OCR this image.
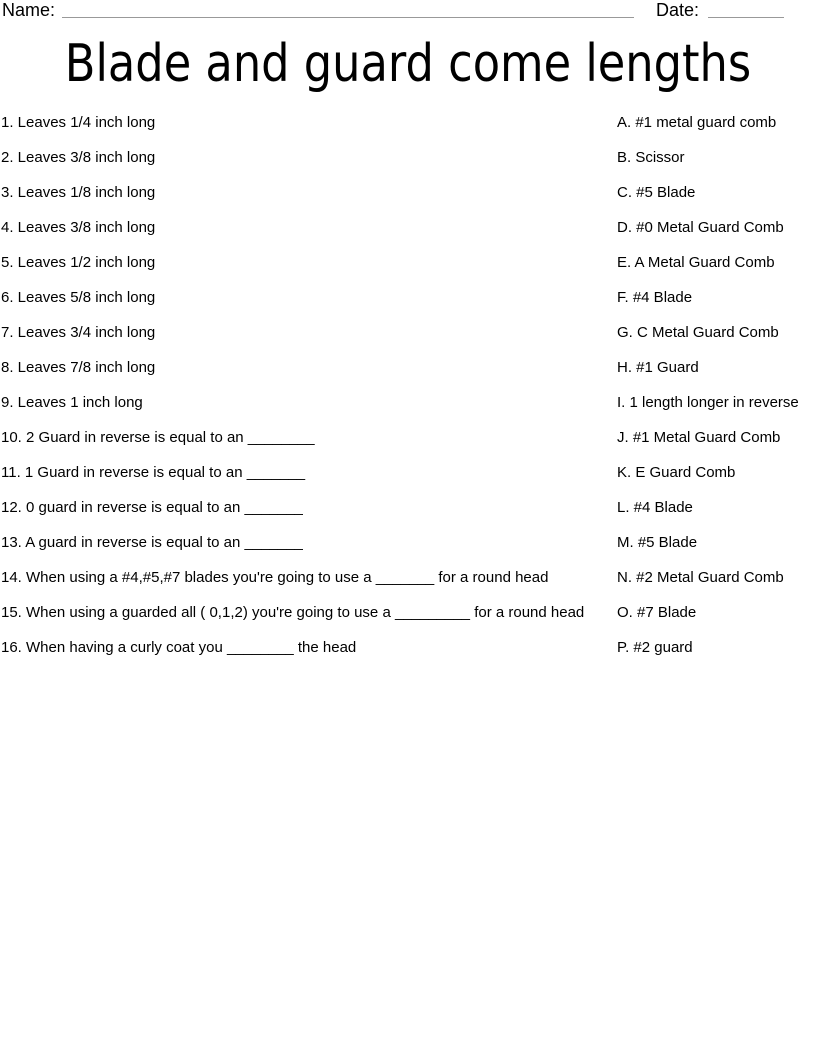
Name:	Date:
Blade and guard come lengths
1. Leaves 1/4 inch long	A. #1 metal guard comb
2. Leaves 3/8 inch long	B. Scissor
3. Leaves 1/8 inch long	C. #5 Blade
4. Leaves 3/8 inch long	D. #0 Metal Guard Comb
5. Leaves 1/2 inch long	E. A Metal Guard Comb
6. Leaves 5/8 inch long	F. #4 Blade
7. Leaves 3/4 inch long	G. C Metal Guard Comb
8. Leaves 7/8 inch long	H. #1 Guard
9. Leaves 1 inch long	I. 1 length longer in reverse
10. 2 Guard in reverse is equal to an ________	J. #1 Metal Guard Comb
11. 1 Guard in reverse is equal to an _______	K. E Guard Comb
12. 0 guard in reverse is equal to an _______	L. #4 Blade
13. A guard in reverse is equal to an _______	M. #5 Blade
14. When using a #4,#5,#7 blades you're going to use a _______ for a round head	N. #2 Metal Guard Comb
15. When using a guarded all ( 0,1,2) you're going to use a _________ for a round head	O. #7 Blade
16. When having a curly coat you ________ the head	P. #2 guard
